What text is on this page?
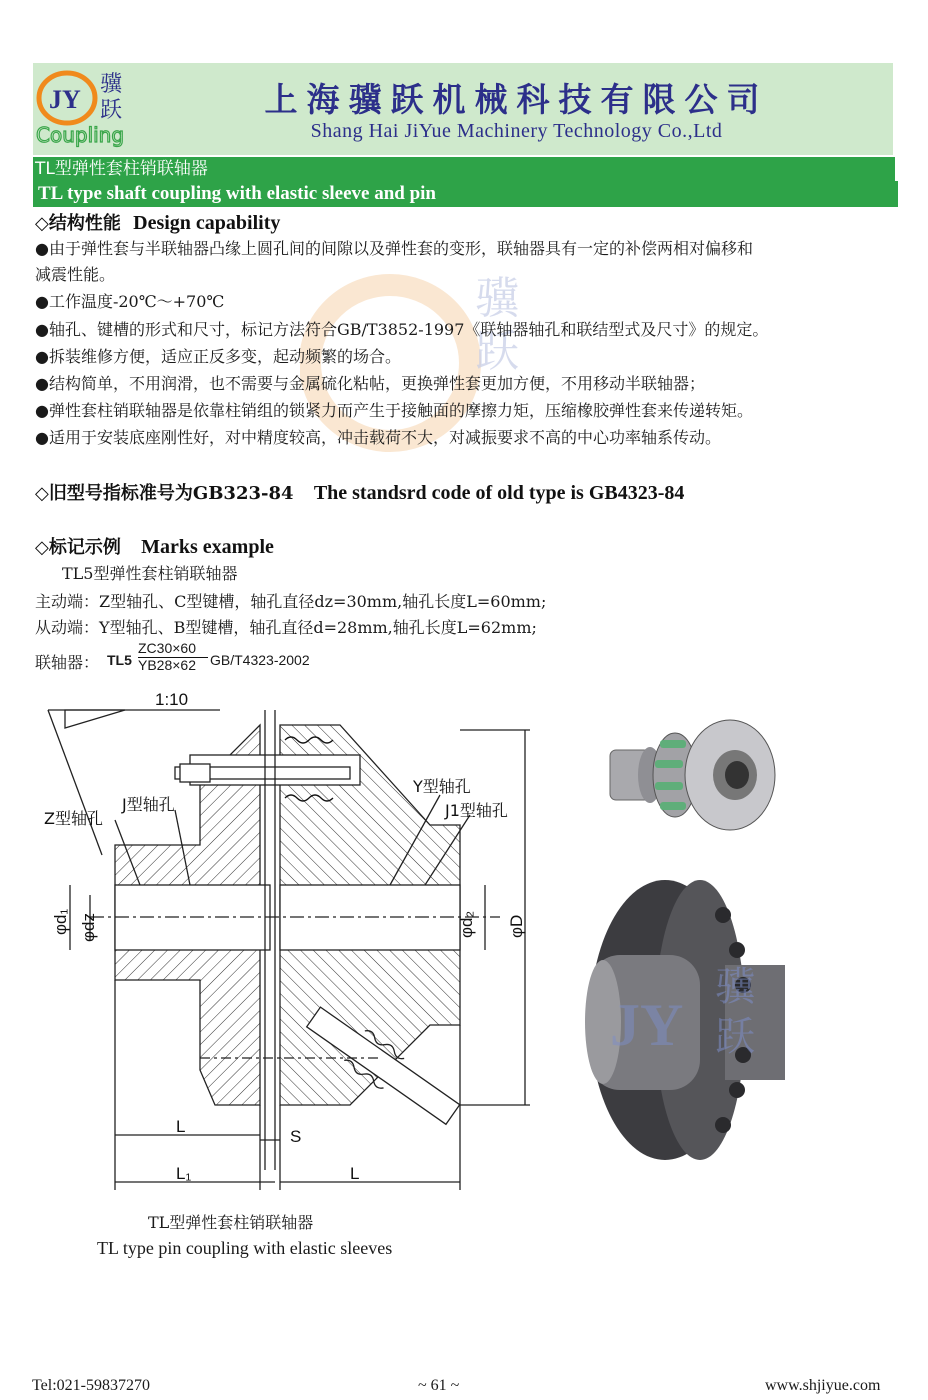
JY
骥
跃
Coupling
上海骥跃机械科技有限公司
Shang Hai JiYue Machinery Technology Co.,Ltd
TL型弹性套柱销联轴器
TL type shaft coupling with elastic sleeve and pin
骥
跃
◇结构性能 Design capability
●由于弹性套与半联轴器凸缘上圆孔间的间隙以及弹性套的变形，联轴器具有一定的补偿两相对偏移和
减震性能。
●工作温度-20℃～+70℃
●轴孔、键槽的形式和尺寸，标记方法符合GB/T3852-1997《联轴器轴孔和联结型式及尺寸》的规定。
●拆装维修方便，适应正反多变，起动频繁的场合。
●结构简单，不用润滑，也不需要与金属硫化粘帖，更换弹性套更加方便，不用移动半联轴器；
●弹性套柱销联轴器是依靠柱销组的锁紧力而产生于接触面的摩擦力矩，压缩橡胶弹性套来传递转矩。
●适用于安装底座刚性好，对中精度较高，冲击载荷不大，对减振要求不高的中心功率轴系传动。
◇旧型号指标准号为GB323-84 The standsrd code of old type is GB4323-84
◇标记示例 Marks example
TL5型弹性套柱销联轴器
主动端：Z型轴孔、C型键槽，轴孔直径dz=30mm,轴孔长度L=60mm;
从动端：Y型轴孔、B型键槽，轴孔直径d=28mm,轴孔长度L=62mm;
联轴器： TL5
ZC30×60
YB28×62 GB/T4323-2002
1:10
Z型轴孔
J型轴孔
Y型轴孔
J1型轴孔
φd₁ φdz	φd₂ φD
L
L₁
S
L
JY
骥
跃
TL型弹性套柱销联轴器
TL type pin coupling with elastic sleeves
Tel:021-59837270	~ 61 ~	www.shjiyue.com
